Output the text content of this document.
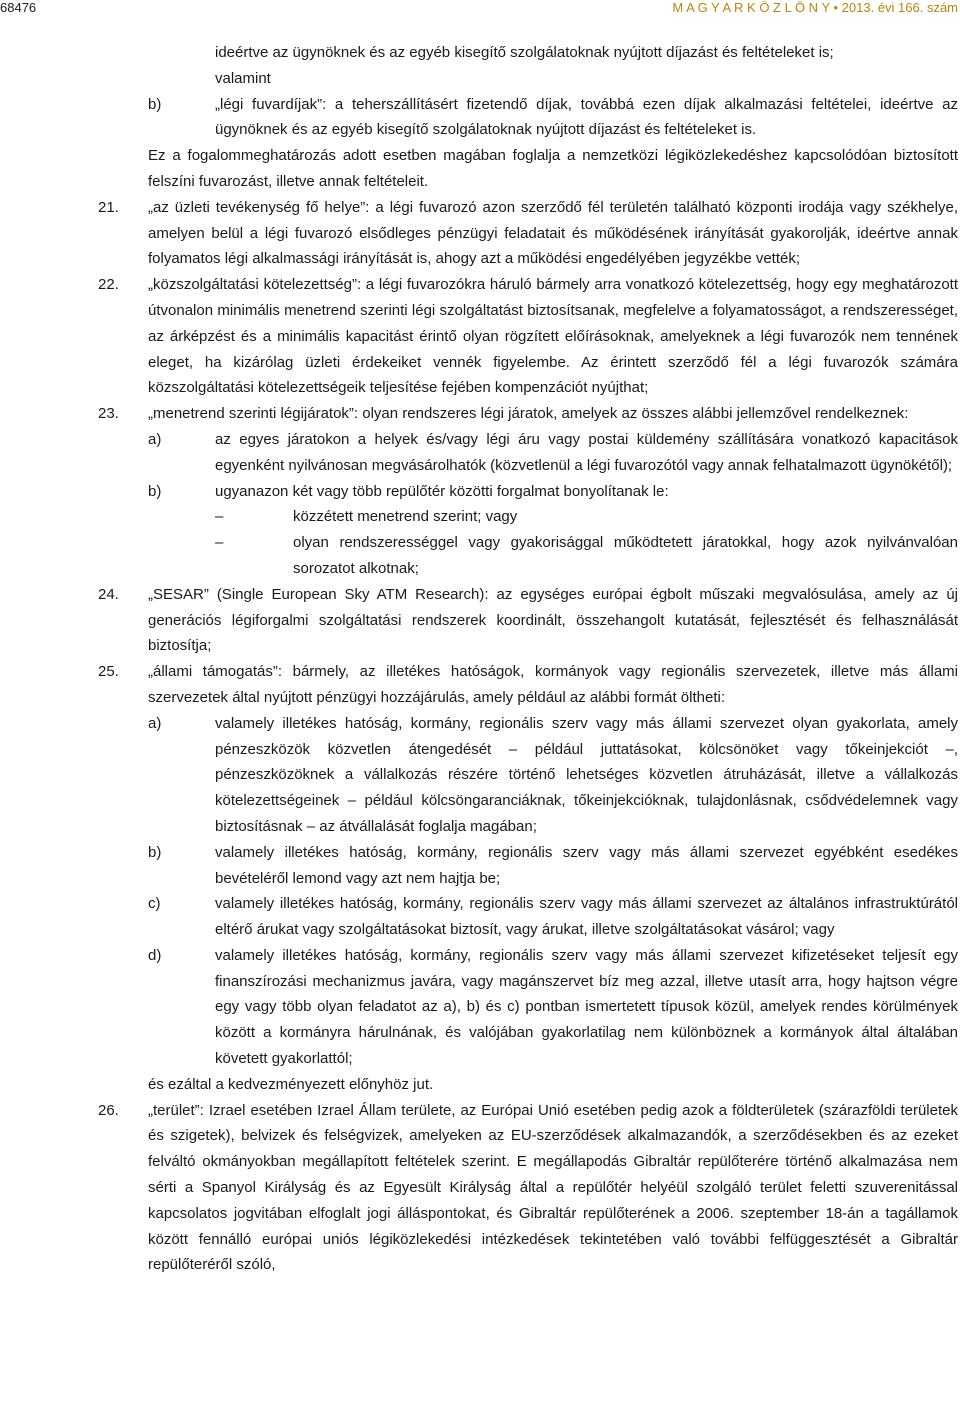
68476	M A G Y A R K Ö Z L Ö N Y • 2013. évi 166. szám
ideértve az ügynöknek és az egyéb kisegítő szolgálatoknak nyújtott díjazást és feltételeket is;
valamint
b)	„légi fuvardíjak”: a teherszállításért fizetendő díjak, továbbá ezen díjak alkalmazási feltételei, ideértve az ügynöknek és az egyéb kisegítő szolgálatoknak nyújtott díjazást és feltételeket is.
Ez a fogalommeghatározás adott esetben magában foglalja a nemzetközi légiközlekedéshez kapcsolódóan biztosított felszíni fuvarozást, illetve annak feltételeit.
21.	„az üzleti tevékenység fő helye”: a légi fuvarozó azon szerződő fél területén található központi irodája vagy székhelye, amelyen belül a légi fuvarozó elsődleges pénzügyi feladatait és működésének irányítását gyakorolják, ideértve annak folyamatos légi alkalmassági irányítását is, ahogy azt a működési engedélyében jegyzékbe vették;
22.	„közszolgáltatási kötelezettség”: a légi fuvarozókra háruló bármely arra vonatkozó kötelezettség, hogy egy meghatározott útvonalon minimális menetrend szerinti légi szolgáltatást biztosítsanak, megfelelve a folyamatosságot, a rendszerességet, az árképzést és a minimális kapacitást érintő olyan rögzített előírásoknak, amelyeknek a légi fuvarozók nem tennének eleget, ha kizárólag üzleti érdekeiket vennék figyelembe. Az érintett szerződő fél a légi fuvarozók számára közszolgáltatási kötelezettségeik teljesítése fejében kompenzációt nyújthat;
23.	„menetrend szerinti légijáratok”: olyan rendszeres légi járatok, amelyek az összes alábbi jellemzővel rendelkeznek:
a)	az egyes járatokon a helyek és/vagy légi áru vagy postai küldemény szállítására vonatkozó kapacitások egyenként nyilvánosan megvásárolhatók (közvetlenül a légi fuvarozótól vagy annak felhatalmazott ügynökétől);
b)	ugyanazon két vagy több repülőtér közötti forgalmat bonyolítanak le:
–	közzétett menetrend szerint; vagy
–	olyan rendszerességgel vagy gyakorisággal működtetett járatokkal, hogy azok nyilvánvalóan sorozatot alkotnak;
24.	„SESAR” (Single European Sky ATM Research): az egységes európai égbolt műszaki megvalósulása, amely az új generációs légiforgalmi szolgáltatási rendszerek koordinált, összehangolt kutatását, fejlesztését és felhasználását biztosítja;
25.	„állami támogatás”: bármely, az illetékes hatóságok, kormányok vagy regionális szervezetek, illetve más állami szervezetek által nyújtott pénzügyi hozzájárulás, amely például az alábbi formát öltheti:
a)	valamely illetékes hatóság, kormány, regionális szerv vagy más állami szervezet olyan gyakorlata, amely pénzeszközök közvetlen átengedését – például juttatásokat, kölcsönöket vagy tőkeinjekciót –, pénzeszközöknek a vállalkozás részére történő lehetséges közvetlen átruházását, illetve a vállalkozás kötelezettségeinek – például kölcsöngaranciáknak, tőkeinjekcióknak, tulajdonlásnak, csődvédelemnek vagy biztosításnak – az átvállalását foglalja magában;
b)	valamely illetékes hatóság, kormány, regionális szerv vagy más állami szervezet egyébként esedékes bevételéről lemond vagy azt nem hajtja be;
c)	valamely illetékes hatóság, kormány, regionális szerv vagy más állami szervezet az általános infrastruktúrától eltérő árukat vagy szolgáltatásokat biztosít, vagy árukat, illetve szolgáltatásokat vásárol; vagy
d)	valamely illetékes hatóság, kormány, regionális szerv vagy más állami szervezet kifizetéseket teljesít egy finanszírozási mechanizmus javára, vagy magánszervet bíz meg azzal, illetve utasít arra, hogy hajtson végre egy vagy több olyan feladatot az a), b) és c) pontban ismertetett típusok közül, amelyek rendes körülmények között a kormányra hárulnának, és valójában gyakorlatilag nem különböznek a kormányok által általában követett gyakorlattól;
és ezáltal a kedvezményezett előnyhöz jut.
26.	„terület”: Izrael esetében Izrael Állam területe, az Európai Unió esetében pedig azok a földterületek (szárazföldi területek és szigetek), belvizek és felségvizek, amelyeken az EU-szerződések alkalmazandók, a szerződésekben és az ezeket felváltó okmányokban megállapított feltételek szerint. E megállapodás Gibraltár repülőterére történő alkalmazása nem sérti a Spanyol Királyság és az Egyesült Királyság által a repülőtér helyéül szolgáló terület feletti szuverenitással kapcsolatos jogvitában elfoglalt jogi álláspontokat, és Gibraltár repülőterének a 2006. szeptember 18-án a tagállamok között fennálló európai uniós légiközlekedési intézkedések tekintetében való további felfüggesztését a Gibraltár repülőteréről szóló,
